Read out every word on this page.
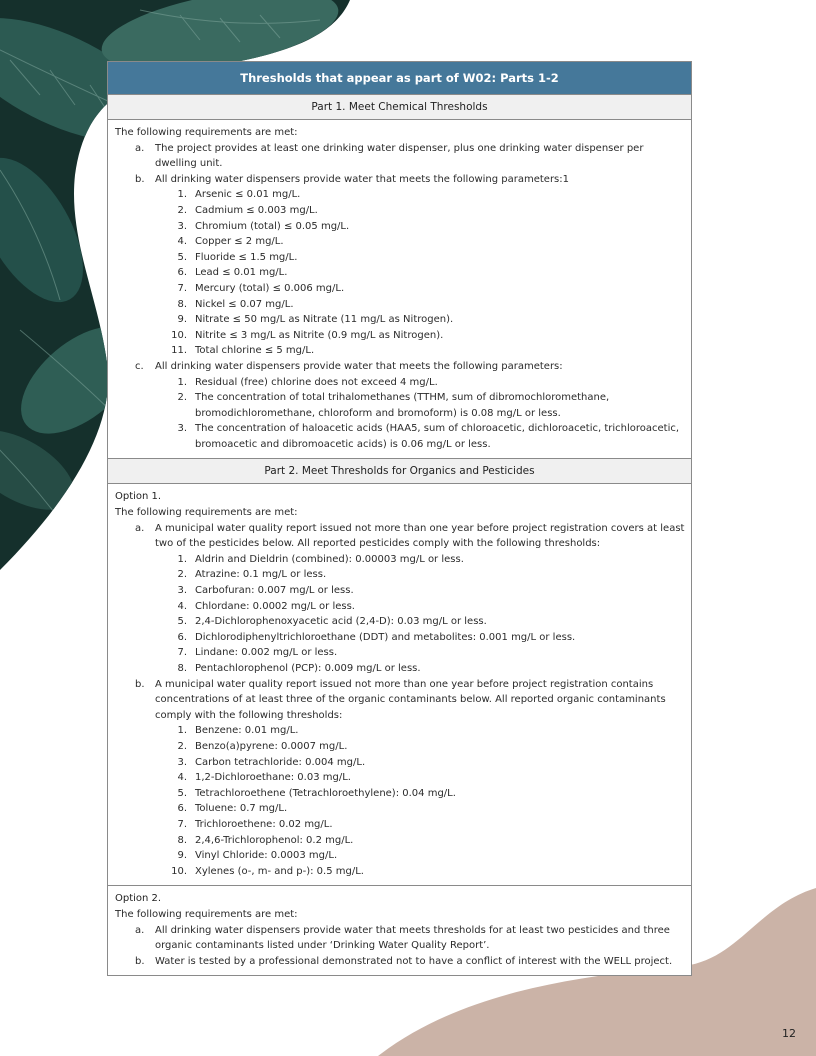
Thresholds that appear as part of W02: Parts 1-2
Part 1. Meet Chemical Thresholds

The following requirements are met:

a. The project provides at least one drinking water dispenser, plus one drinking water dispenser per dwelling unit.
b. All drinking water dispensers provide water that meets the following parameters:1
1. Arsenic ≤ 0.01 mg/L.
2. Cadmium ≤ 0.003 mg/L.
3. Chromium (total) ≤ 0.05 mg/L.
4. Copper ≤ 2 mg/L.
5. Fluoride ≤ 1.5 mg/L.
6. Lead ≤ 0.01 mg/L.
7. Mercury (total) ≤ 0.006 mg/L.
8. Nickel ≤ 0.07 mg/L.
9. Nitrate ≤ 50 mg/L as Nitrate (11 mg/L as Nitrogen).
10. Nitrite ≤ 3 mg/L as Nitrite (0.9 mg/L as Nitrogen).
11. Total chlorine ≤ 5 mg/L.
c. All drinking water dispensers provide water that meets the following parameters:
1. Residual (free) chlorine does not exceed 4 mg/L.
2. The concentration of total trihalomethanes (TTHM, sum of dibromochloromethane, bromodichloromethane, chloroform and bromoform) is 0.08 mg/L or less.
3. The concentration of haloacetic acids (HAA5, sum of chloroacetic, dichloroacetic, trichloroacetic, bromoacetic and dibromoacetic acids) is 0.06 mg/L or less.
Part 2. Meet Thresholds for Organics and Pesticides

Option 1.

The following requirements are met:

a. A municipal water quality report issued not more than one year before project registration covers at least two of the pesticides below. All reported pesticides comply with the following thresholds:
1. Aldrin and Dieldrin (combined): 0.00003 mg/L or less.
2. Atrazine: 0.1 mg/L or less.
3. Carbofuran: 0.007 mg/L or less.
4. Chlordane: 0.0002 mg/L or less.
5. 2,4-Dichlorophenoxyacetic acid (2,4-D): 0.03 mg/L or less.
6. Dichlorodiphenyltrichloroethane (DDT) and metabolites: 0.001 mg/L or less.
7. Lindane: 0.002 mg/L or less.
8. Pentachlorophenol (PCP): 0.009 mg/L or less.
b. A municipal water quality report issued not more than one year before project registration contains concentrations of at least three of the organic contaminants below. All reported organic contaminants comply with the following thresholds:
1. Benzene: 0.01 mg/L.
2. Benzo(a)pyrene: 0.0007 mg/L.
3. Carbon tetrachloride: 0.004 mg/L.
4. 1,2-Dichloroethane: 0.03 mg/L.
5. Tetrachloroethene (Tetrachloroethylene): 0.04 mg/L.
6. Toluene: 0.7 mg/L.
7. Trichloroethene: 0.02 mg/L.
8. 2,4,6-Trichlorophenol: 0.2 mg/L.
9. Vinyl Chloride: 0.0003 mg/L.
10. Xylenes (o-, m- and p-): 0.5 mg/L.

Option 2.

The following requirements are met:

a. All drinking water dispensers provide water that meets thresholds for at least two pesticides and three organic contaminants listed under ‘Drinking Water Quality Report’.
b. Water is tested by a professional demonstrated not to have a conflict of interest with the WELL project.
12
